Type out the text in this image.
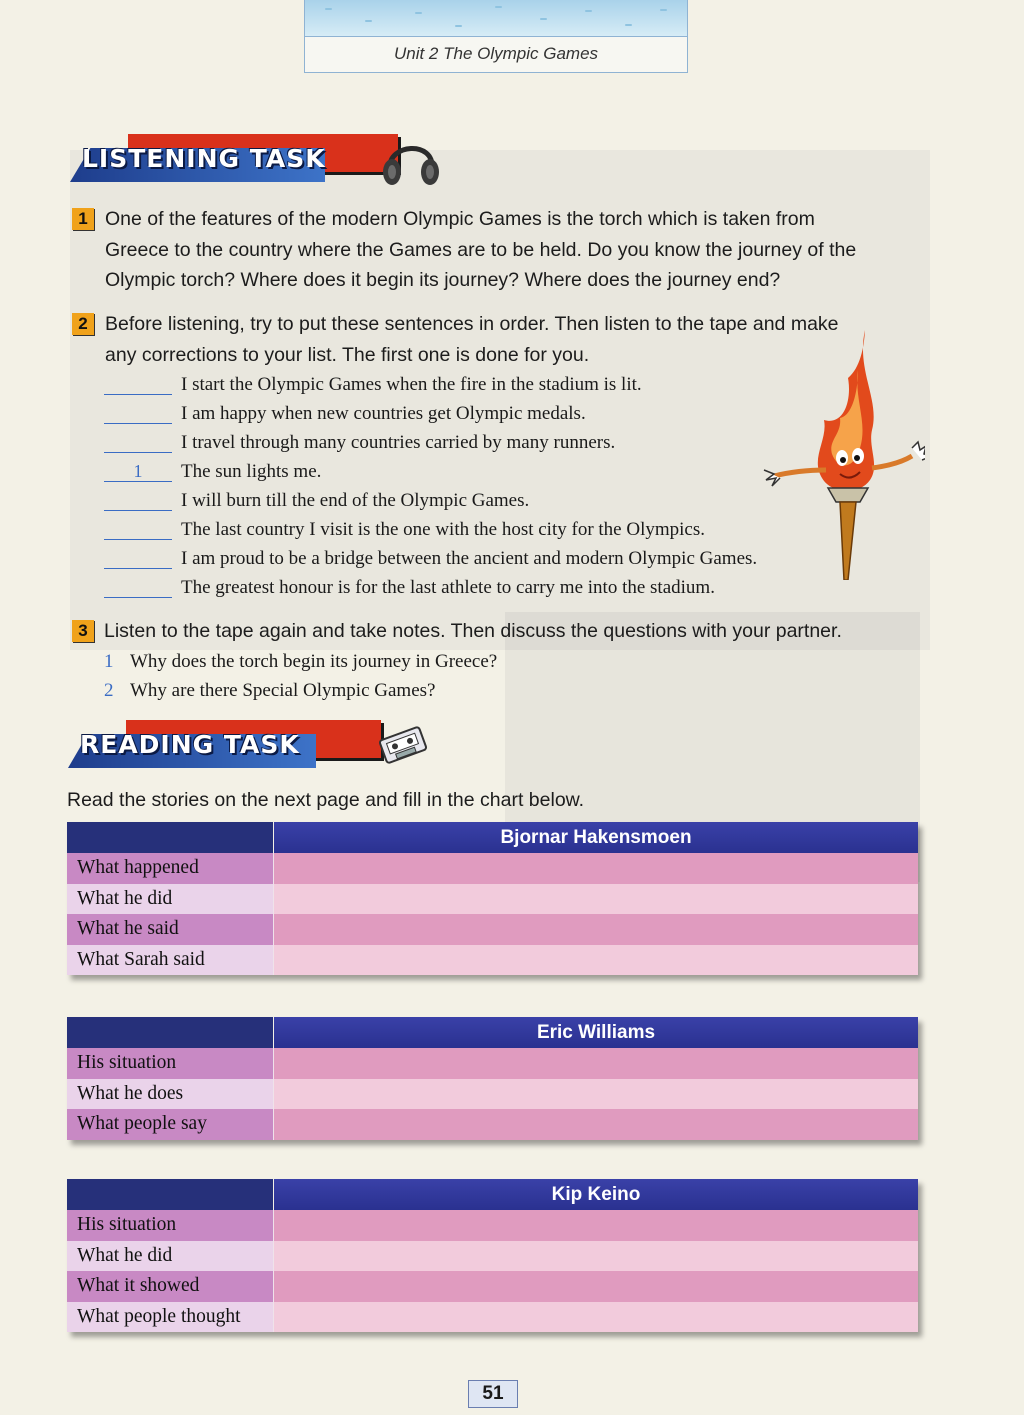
Unit 2 The Olympic Games
LISTENING TASK
1 One of the features of the modern Olympic Games is the torch which is taken from
Greece to the country where the Games are to be held. Do you know the journey of the
Olympic torch? Where does it begin its journey? Where does the journey end?
2 Before listening, try to put these sentences in order. Then listen to the tape and make
any corrections to your list. The first one is done for you.
I start the Olympic Games when the fire in the stadium is lit.
I am happy when new countries get Olympic medals.
I travel through many countries carried by many runners.
1	The sun lights me.
I will burn till the end of the Olympic Games.
The last country I visit is the one with the host city for the Olympics.
I am proud to be a bridge between the ancient and modern Olympic Games.
The greatest honour is for the last athlete to carry me into the stadium.
3 Listen to the tape again and take notes. Then discuss the questions with your partner.
1 Why does the torch begin its journey in Greece?
2 Why are there Special Olympic Games?
READING TASK
Read the stories on the next page and fill in the chart below.
Bjornar Hakensmoen
What happened
What he did
What he said
What Sarah said
Eric Williams
His situation
What he does
What people say
Kip Keino
His situation
What he did
What it showed
What people thought
51
